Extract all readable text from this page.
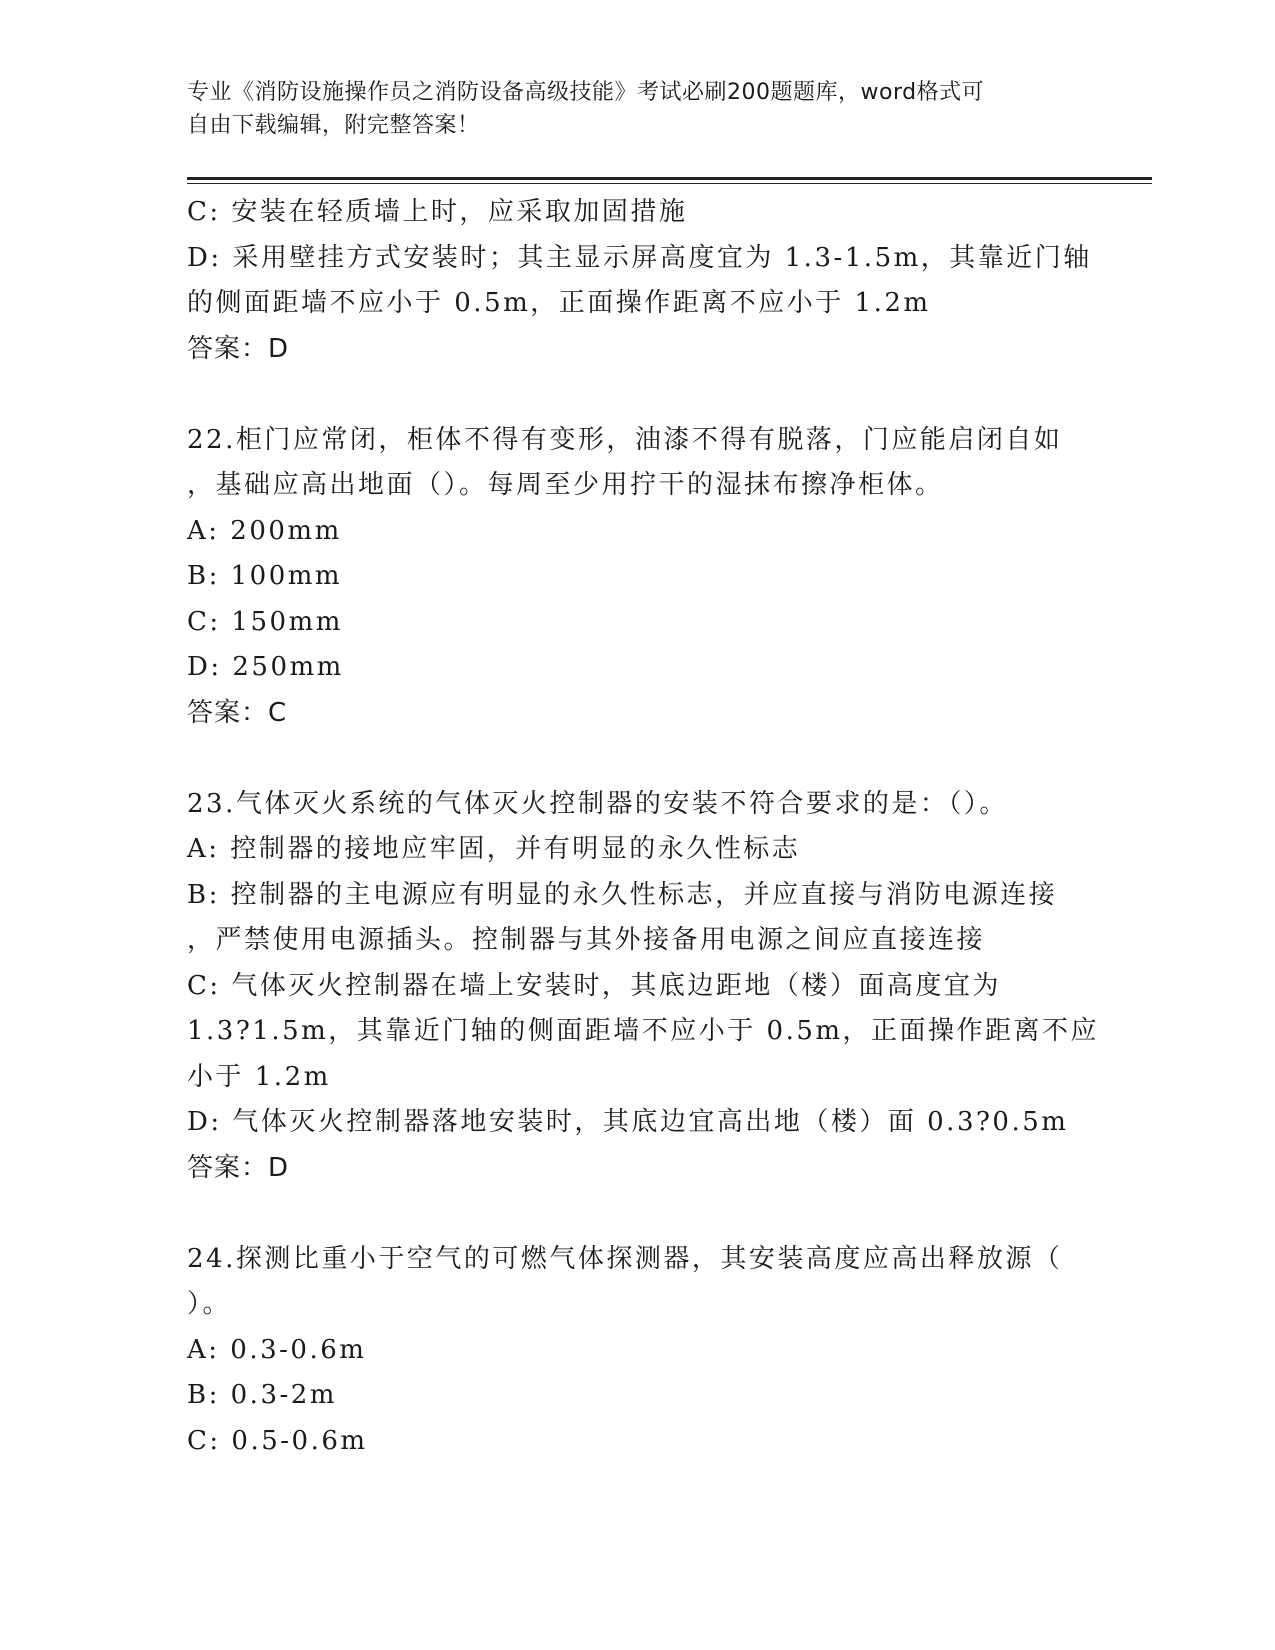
专业《消防设施操作员之消防设备高级技能》考试必刷200题题库，word格式可
自由下载编辑，附完整答案！
C: 安装在轻质墙上时，应采取加固措施
D: 采用壁挂方式安装时；其主显示屏高度宜为 1.3-1.5m，其靠近门轴
的侧面距墙不应小于 0.5m，正面操作距离不应小于 1.2m
答案：D
22.柜门应常闭，柜体不得有变形，油漆不得有脱落，门应能启闭自如
，基础应高出地面（）。每周至少用拧干的湿抹布擦净柜体。
A: 200mm
B: 100mm
C: 150mm
D: 250mm
答案：C
23.气体灭火系统的气体灭火控制器的安装不符合要求的是：（）。
A: 控制器的接地应牢固，并有明显的永久性标志
B: 控制器的主电源应有明显的永久性标志，并应直接与消防电源连接
，严禁使用电源插头。控制器与其外接备用电源之间应直接连接
C: 气体灭火控制器在墙上安装时，其底边距地（楼）面高度宜为
1.3?1.5m，其靠近门轴的侧面距墙不应小于 0.5m，正面操作距离不应
小于 1.2m
D: 气体灭火控制器落地安装时，其底边宜高出地（楼）面 0.3?0.5m
答案：D
24.探测比重小于空气的可燃气体探测器，其安装高度应高出释放源（
）。
A: 0.3-0.6m
B: 0.3-2m
C: 0.5-0.6m
